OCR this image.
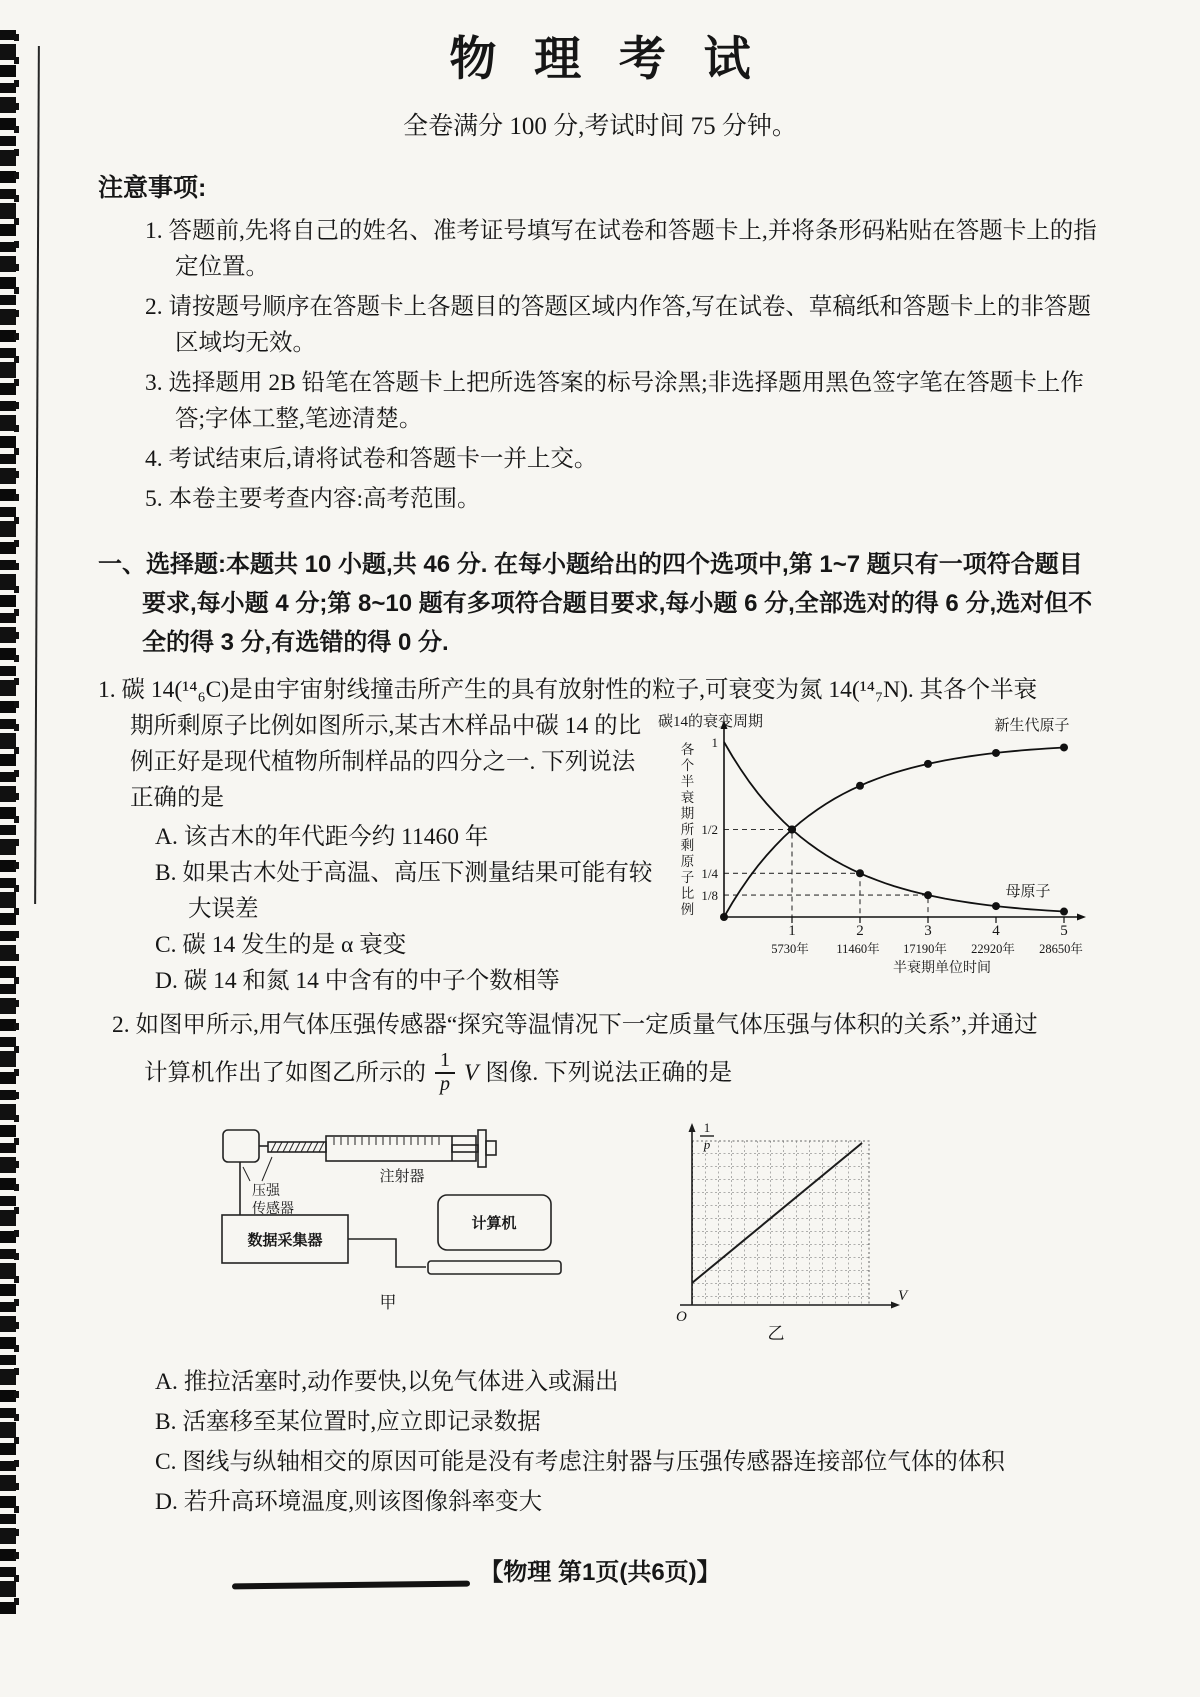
物 理 考 试
全卷满分 100 分,考试时间 75 分钟。
注意事项:
1. 答题前,先将自己的姓名、准考证号填写在试卷和答题卡上,并将条形码粘贴在答题卡上的指定位置。
2. 请按题号顺序在答题卡上各题目的答题区域内作答,写在试卷、草稿纸和答题卡上的非答题区域均无效。
3. 选择题用 2B 铅笔在答题卡上把所选答案的标号涂黑;非选择题用黑色签字笔在答题卡上作答;字体工整,笔迹清楚。
4. 考试结束后,请将试卷和答题卡一并上交。
5. 本卷主要考查内容:高考范围。
一、选择题:本题共 10 小题,共 46 分. 在每小题给出的四个选项中,第 1~7 题只有一项符合题目要求,每小题 4 分;第 8~10 题有多项符合题目要求,每小题 6 分,全部选对的得 6 分,选对但不全的得 3 分,有选错的得 0 分.
1. 碳 14(¹⁴₆C)是由宇宙射线撞击所产生的具有放射性的粒子,可衰变为氮 14(¹⁴₇N). 其各个半衰
期所剩原子比例如图所示,某古木样品中碳 14 的比例正好是现代植物所制样品的四分之一. 下列说法正确的是
A. 该古木的年代距今约 11460 年
B. 如果古木处于高温、高压下测量结果可能有较大误差
C. 碳 14 发生的是 α 衰变
D. 碳 14 和氮 14 中含有的中子个数相等
碳14的衰变周期	新生代原子
母原子
1
1/2
1/4
1/8
1	2	3	4	5
5730年 11460年 17190年 22920年 28650年
半衰期单位时间
各个半衰期所剩原子比例
2. 如图甲所示,用气体压强传感器“探究等温情况下一定质量气体压强与体积的关系”,并通过
计算机作出了如图乙所示的 $\frac{1}{p}$ V 图像. 下列说法正确的是
压强
传感器
注射器
数据采集器
计算机
甲
1
p
V
O
乙
A. 推拉活塞时,动作要快,以免气体进入或漏出
B. 活塞移至某位置时,应立即记录数据
C. 图线与纵轴相交的原因可能是没有考虑注射器与压强传感器连接部位气体的体积
D. 若升高环境温度,则该图像斜率变大
【物理 第1页(共6页)】
